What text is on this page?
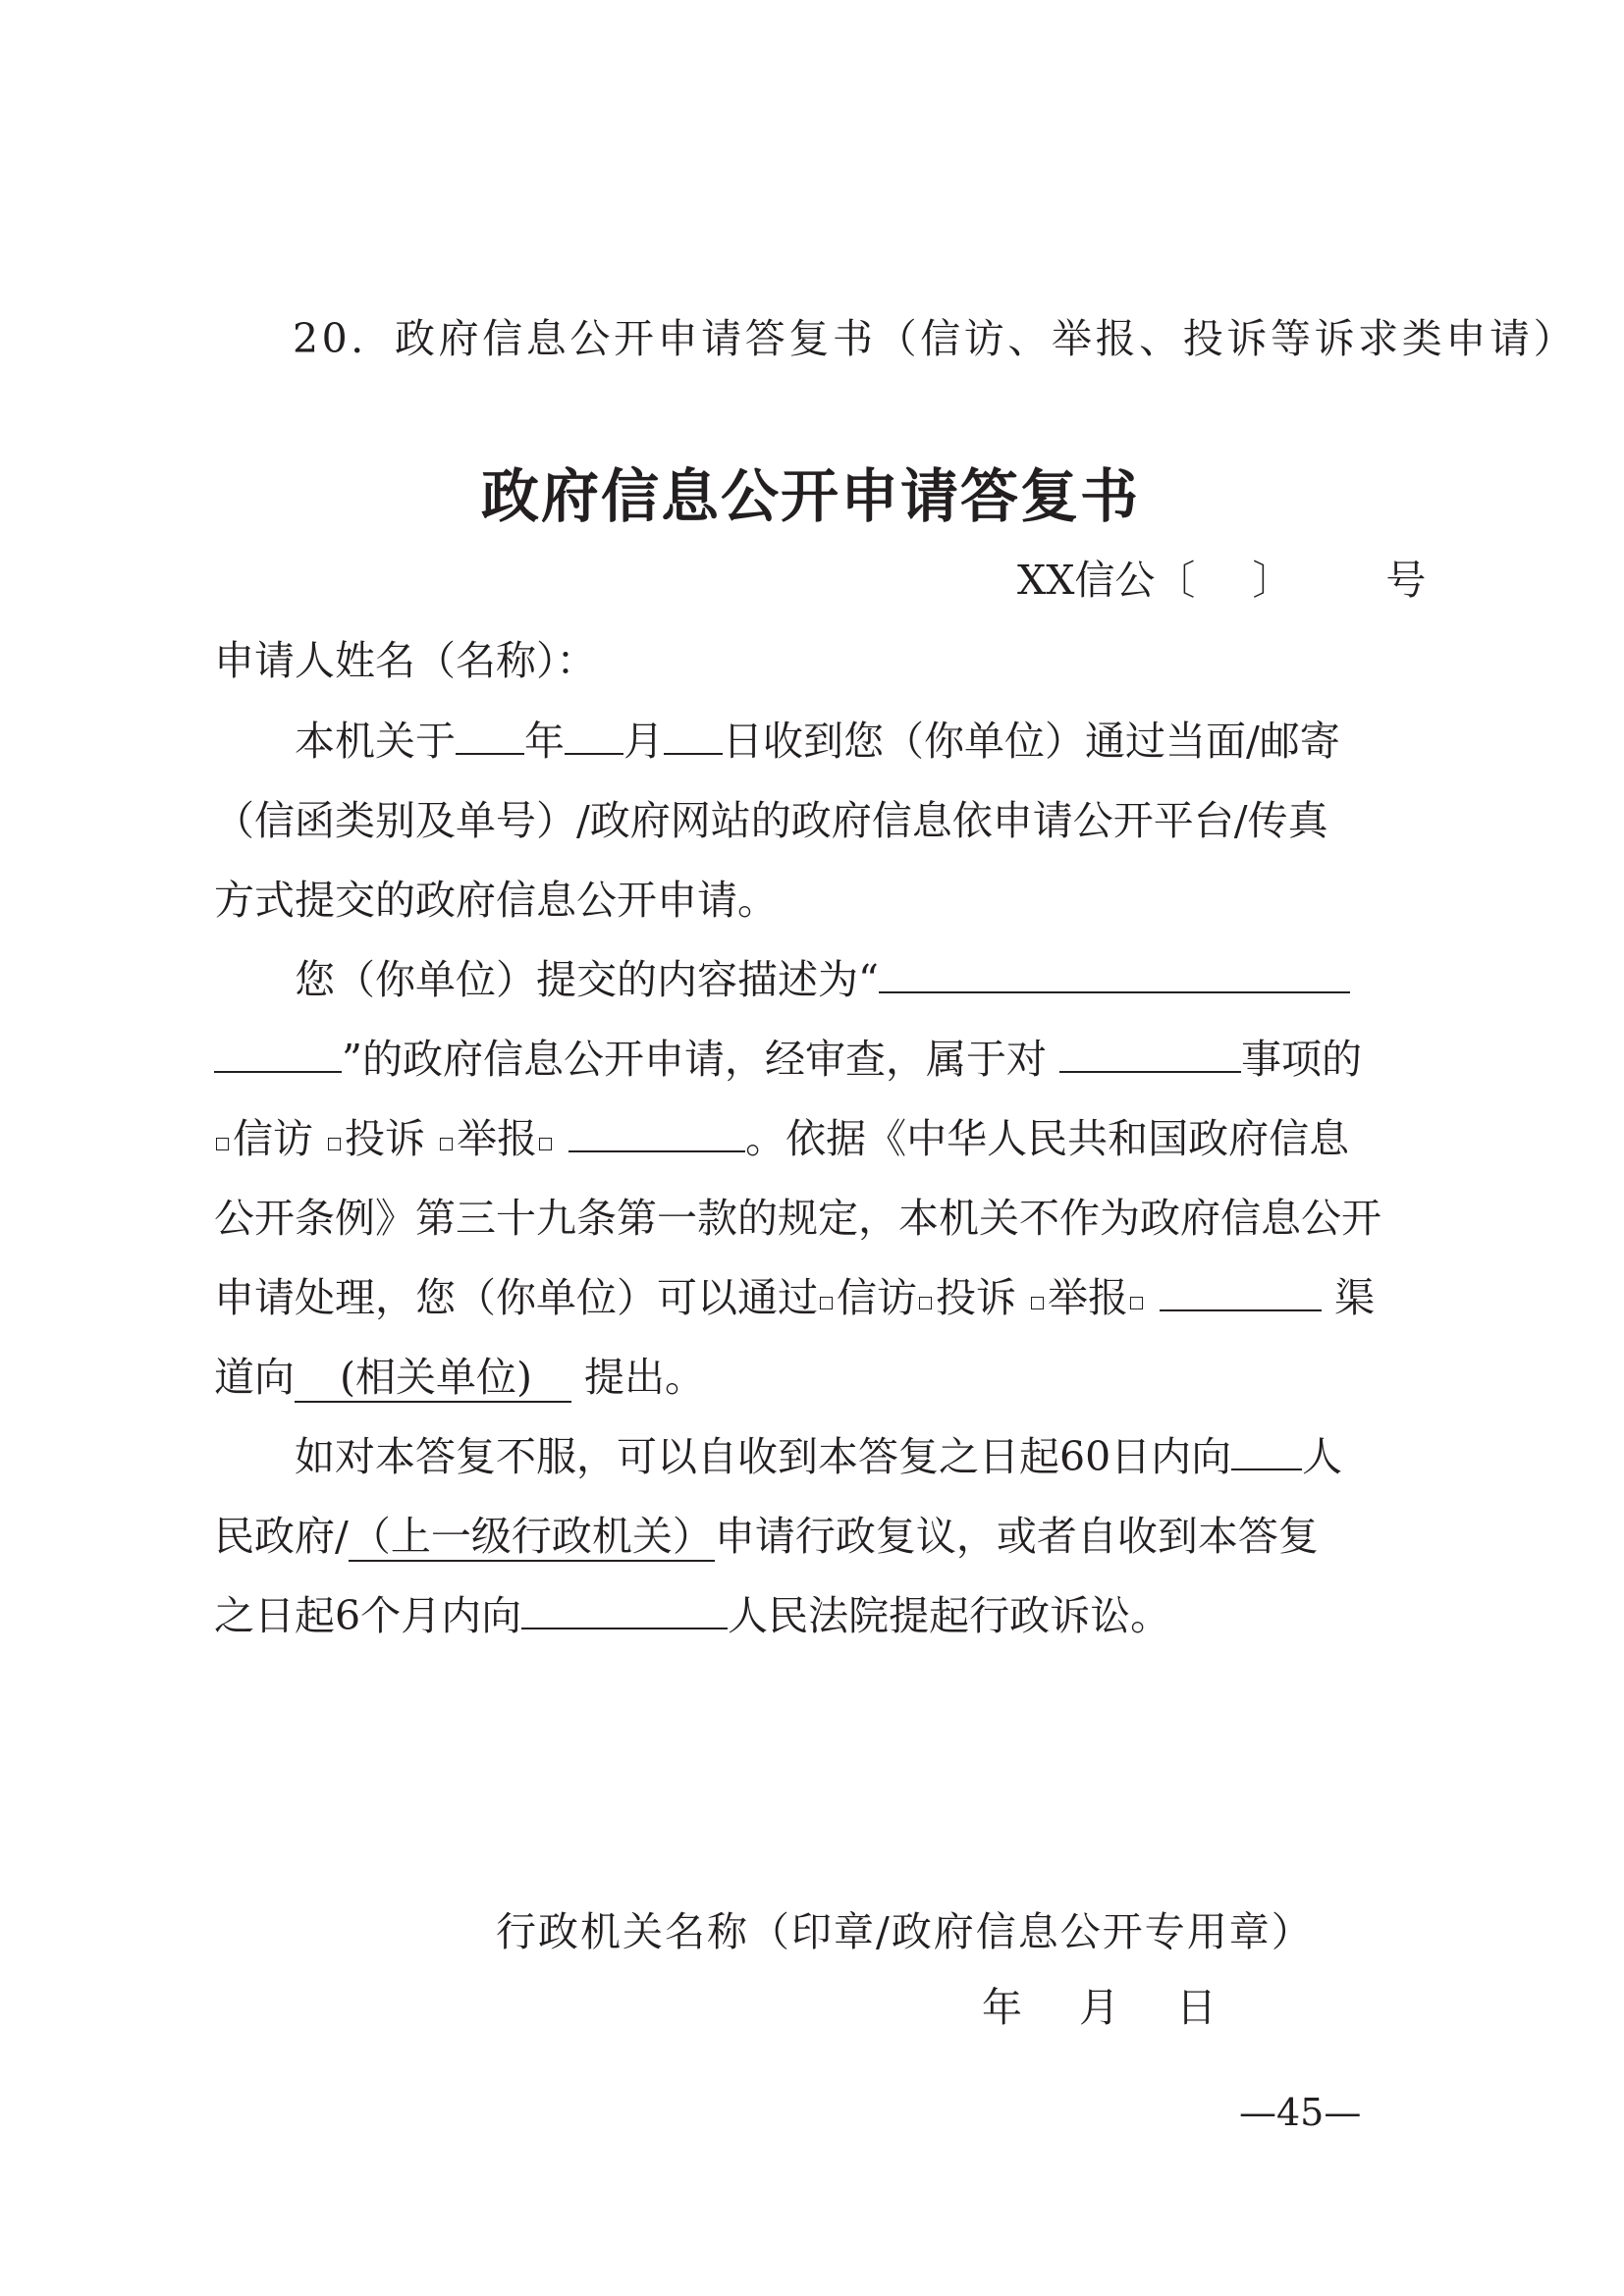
20．政府信息公开申请答复书（信访、举报、投诉等诉求类申请）
政府信息公开申请答复书
XX信公〔 〕 号
申请人姓名（名称）：
本机关于 年 月 日收到您（你单位）通过当面/邮寄
（信函类别及单号）/政府网站的政府信息依申请公开平台/传真
方式提交的政府信息公开申请。
您（你单位）提交的内容描述为“
”的政府信息公开申请，经审查，属于对	事项的
信访 投诉 举报	。依据《中华人民共和国政府信息
公开条例》第三十九条第一款的规定，本机关不作为政府信息公开
申请处理，您（你单位）可以通过 信访 投诉 举报	渠
道向 (相关单位) 提出。
如对本答复不服，可以自收到本答复之日起60日内向 人
民政府/（上一级行政机关）申请行政复议，或者自收到本答复
之日起6个月内向	人民法院提起行政诉讼。
行政机关名称（印章/政府信息公开专用章）
年 月 日
—45—
